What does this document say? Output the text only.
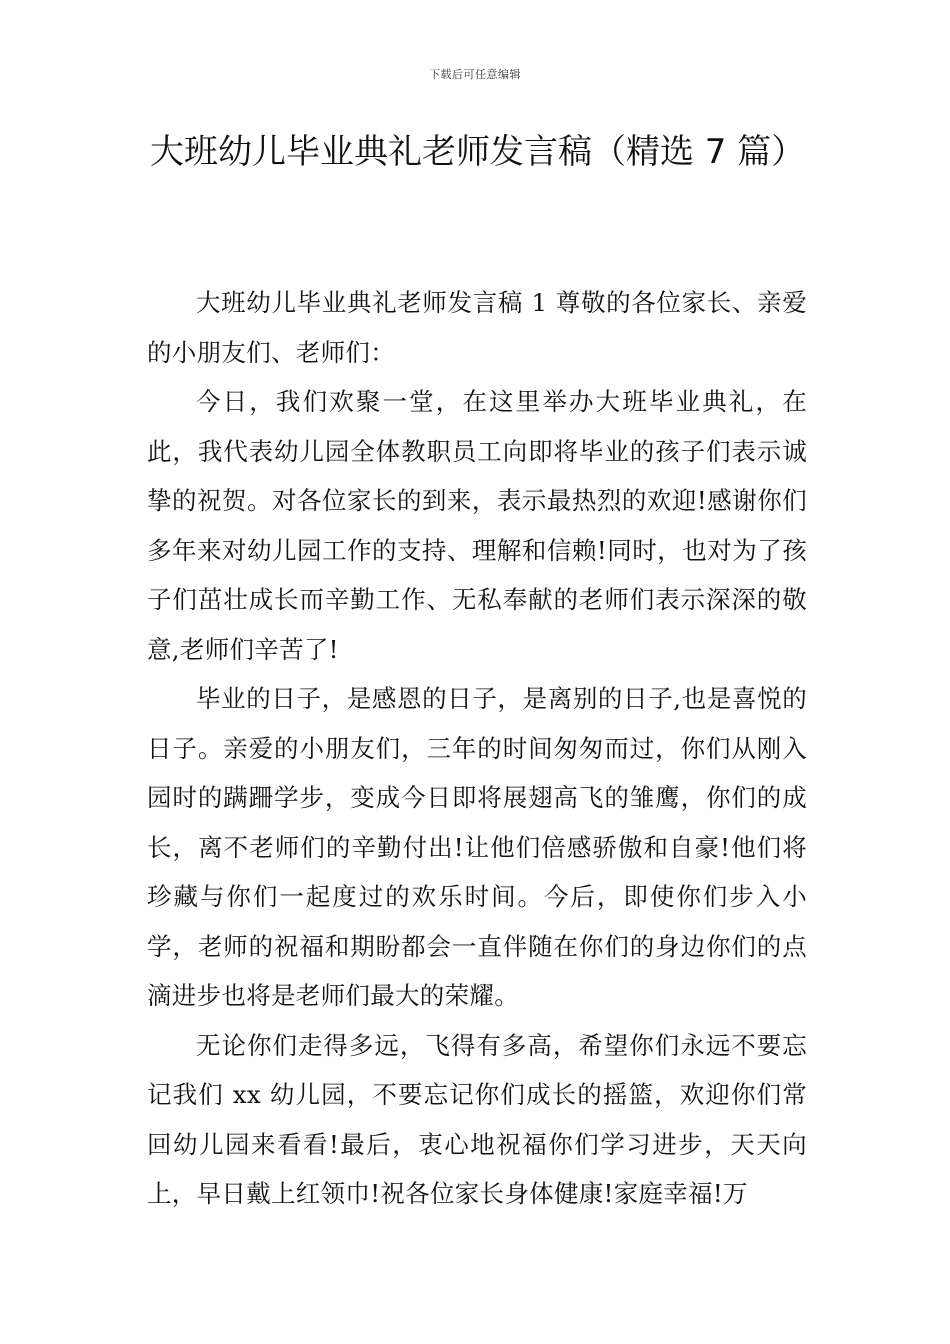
下载后可任意编辑
大班幼儿毕业典礼老师发言稿（精选 7 篇）

大班幼儿毕业典礼老师发言稿 1 尊敬的各位家长、亲爱的小朋友们、老师们：

今日，我们欢聚一堂，在这里举办大班毕业典礼，在此，我代表幼儿园全体教职员工向即将毕业的孩子们表示诚挚的祝贺。对各位家长的到来，表示最热烈的欢迎!感谢你们多年来对幼儿园工作的支持、理解和信赖!同时，也对为了孩子们茁壮成长而辛勤工作、无私奉献的老师们表示深深的敬意,老师们辛苦了!

毕业的日子，是感恩的日子，是离别的日子,也是喜悦的日子。亲爱的小朋友们，三年的时间匆匆而过，你们从刚入园时的蹒跚学步，变成今日即将展翅高飞的雏鹰，你们的成长，离不老师们的辛勤付出!让他们倍感骄傲和自豪!他们将珍藏与你们一起度过的欢乐时间。今后，即使你们步入小学，老师的祝福和期盼都会一直伴随在你们的身边你们的点滴进步也将是老师们最大的荣耀。

无论你们走得多远，飞得有多高，希望你们永远不要忘记我们 xx 幼儿园，不要忘记你们成长的摇篮，欢迎你们常回幼儿园来看看!最后，衷心地祝福你们学习进步，天天向上，早日戴上红领巾!祝各位家长身体健康!家庭幸福!万
